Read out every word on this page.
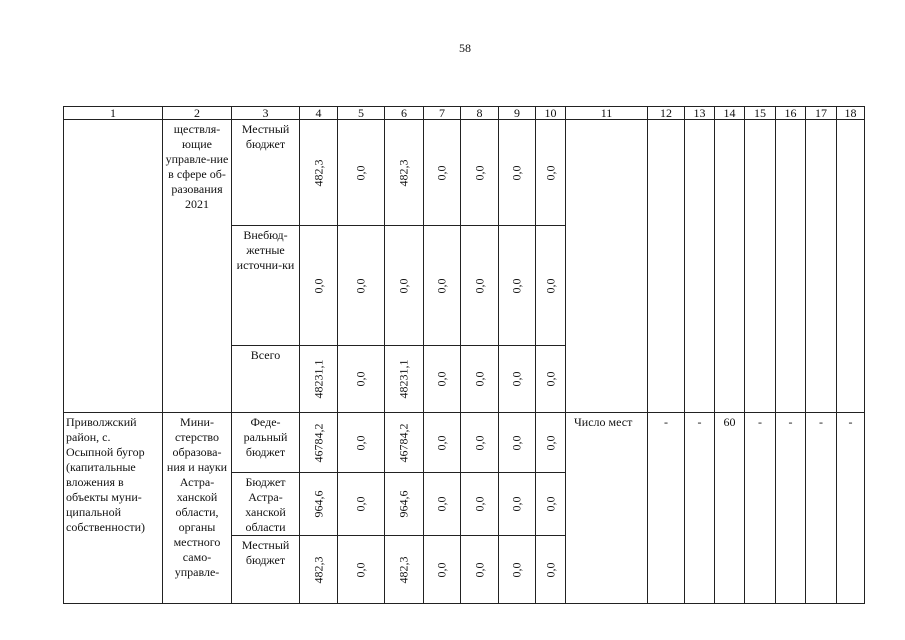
58
1	2	3	4	5	6	7	8	9	10	11	12	13	14	15	16	17	18

	ществля-ющие управле-ние в сфере об-разования 2021	Местный бюджет	482,3	0,0	482,3	0,0	0,0	0,0	0,0								

		Внебюд-жетные источни-ки	0,0	0,0	0,0	0,0	0,0	0,0	0,0								

		Всего	48231,1	0,0	48231,1	0,0	0,0	0,0	0,0								

Приволжский район, с. Осыпной бугор (капитальные вложения в объекты муни-ципальной собственности)	Мини-стерство образова-ния и науки Астра-ханской области, органы местного само-управле-	Феде-ральный бюджет	46784,2	0,0	46784,2	0,0	0,0	0,0	0,0	Число мест	-	-	60	-	-	-	-

		Бюджет Астра-ханской области	964,6	0,0	964,6	0,0	0,0	0,0	0,0								

		Местный бюджет	482,3	0,0	482,3	0,0	0,0	0,0	0,0								
